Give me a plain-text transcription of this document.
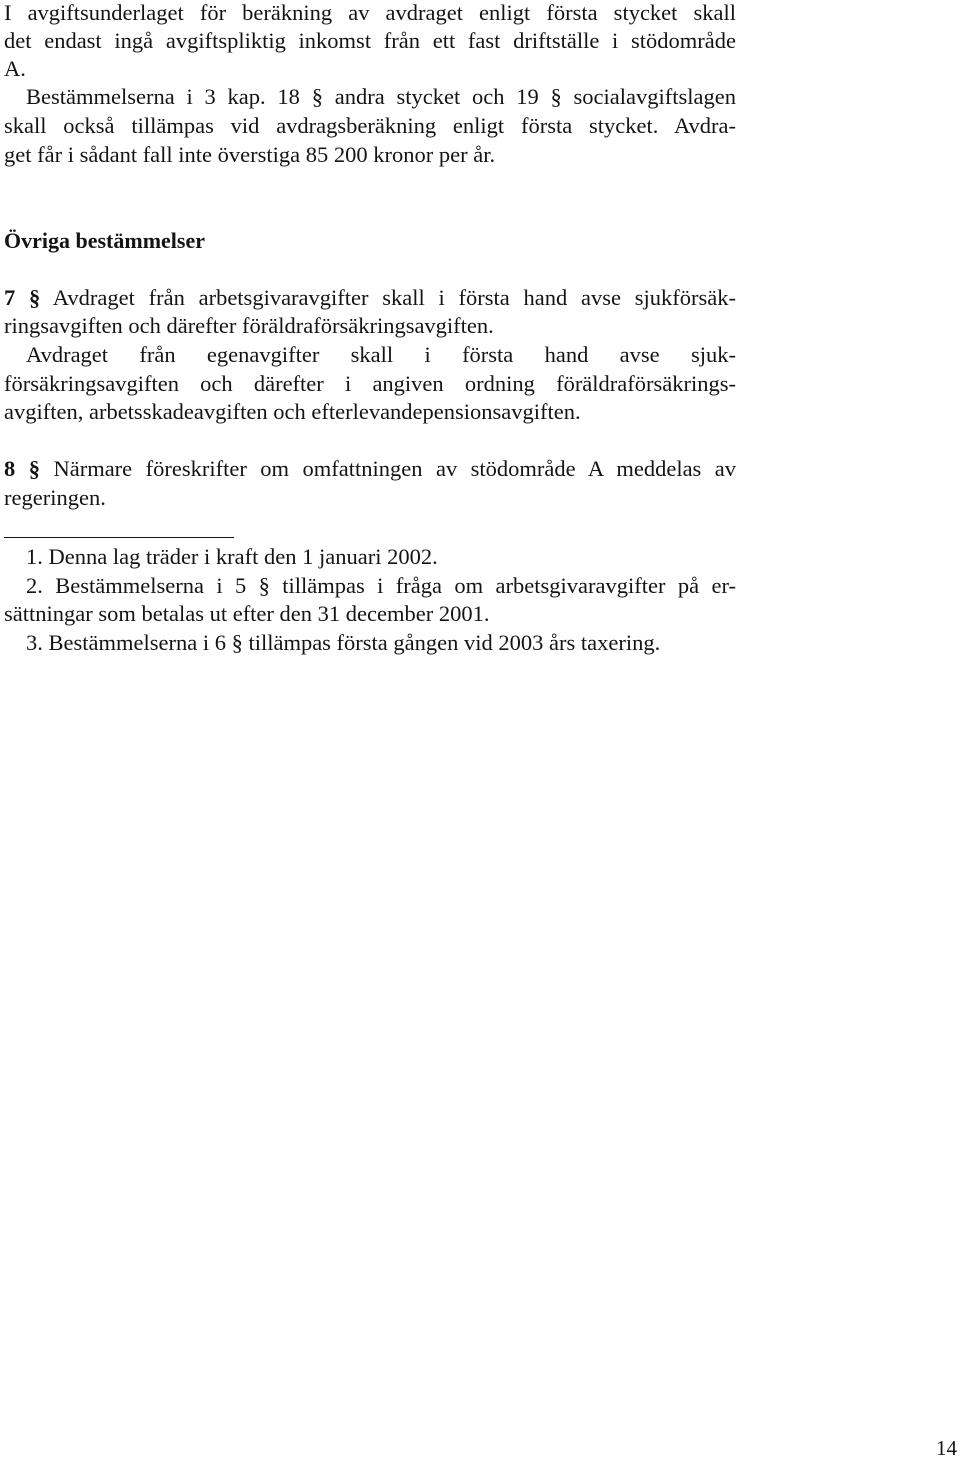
I avgiftsunderlaget för beräkning av avdraget enligt första stycket skall
det endast ingå avgiftspliktig inkomst från ett fast driftställe i stödområde
A.
Bestämmelserna i 3 kap. 18 § andra stycket och 19 § socialavgiftslagen
skall också tillämpas vid avdragsberäkning enligt första stycket. Avdra-
get får i sådant fall inte överstiga 85 200 kronor per år.
Övriga bestämmelser
7 § Avdraget från arbetsgivaravgifter skall i första hand avse sjukförsäk-
ringsavgiften och därefter föräldraförsäkringsavgiften.
Avdraget från egenavgifter skall i första hand avse sjuk-
försäkringsavgiften och därefter i angiven ordning föräldraförsäkrings-
avgiften, arbetsskadeavgiften och efterlevandepensionsavgiften.
8 § Närmare föreskrifter om omfattningen av stödområde A meddelas av
regeringen.
1. Denna lag träder i kraft den 1 januari 2002.
2. Bestämmelserna i 5 § tillämpas i fråga om arbetsgivaravgifter på er-
sättningar som betalas ut efter den 31 december 2001.
3. Bestämmelserna i 6 § tillämpas första gången vid 2003 års taxering.
14
